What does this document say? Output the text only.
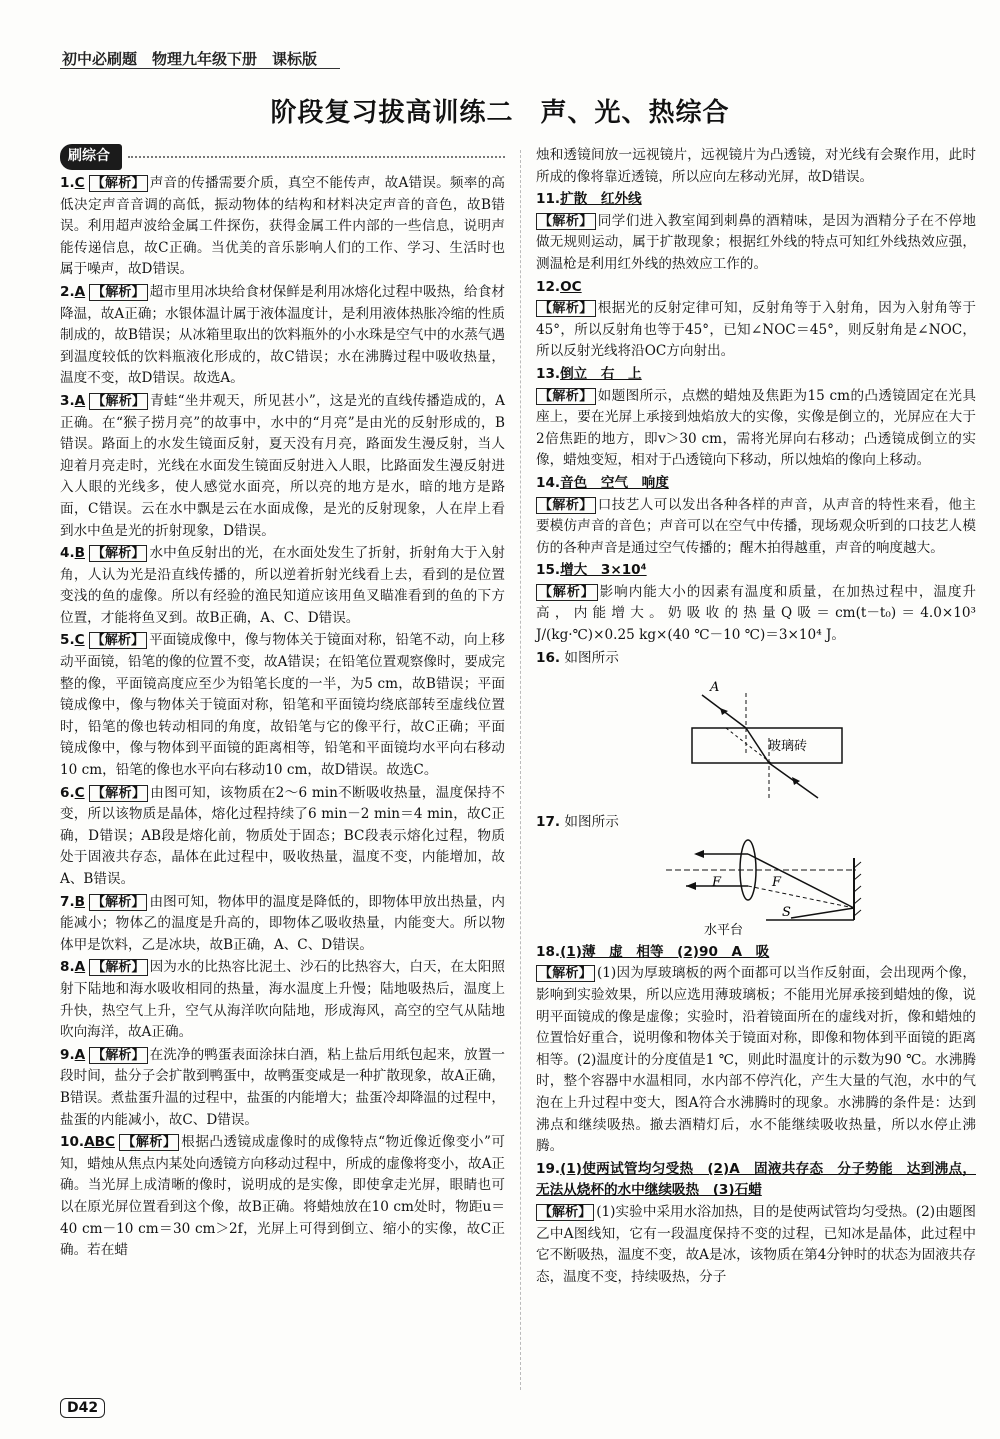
初中必刷题　物理九年级下册　课标版
阶段复习拔高训练二　声、光、热综合
刷综合
1.C 【解析】 声音的传播需要介质，真空不能传声，故A错误。频率的高低决定声音音调的高低，振动物体的结构和材料决定声音的音色，故B错误。利用超声波给金属工件探伤，获得金属工件内部的一些信息，说明声能传递信息，故C正确。当优美的音乐影响人们的工作、学习、生活时也属于噪声，故D错误。
2.A 【解析】 超市里用冰块给食材保鲜是利用冰熔化过程中吸热，给食材降温，故A正确；水银体温计属于液体温度计，是利用液体热胀冷缩的性质制成的，故B错误；从冰箱里取出的饮料瓶外的小水珠是空气中的水蒸气遇到温度较低的饮料瓶液化形成的，故C错误；水在沸腾过程中吸收热量，温度不变，故D错误。故选A。
3.A 【解析】 青蛙“坐井观天，所见甚小”，这是光的直线传播造成的，A正确。在“猴子捞月亮”的故事中，水中的“月亮”是由光的反射形成的，B错误。路面上的水发生镜面反射，夏天没有月亮，路面发生漫反射，当人迎着月亮走时，光线在水面发生镜面反射进入人眼，比路面发生漫反射进入人眼的光线多，使人感觉水面亮，所以亮的地方是水，暗的地方是路面，C错误。云在水中飘是云在水面成像，是光的反射现象，人在岸上看到水中鱼是光的折射现象，D错误。
4.B 【解析】 水中鱼反射出的光，在水面处发生了折射，折射角大于入射角，人认为光是沿直线传播的，所以逆着折射光线看上去，看到的是位置变浅的鱼的虚像。所以有经验的渔民知道应该用鱼叉瞄准看到的鱼的下方位置，才能将鱼叉到。故B正确，A、C、D错误。
5.C 【解析】 平面镜成像中，像与物体关于镜面对称，铅笔不动，向上移动平面镜，铅笔的像的位置不变，故A错误；在铅笔位置观察像时，要成完整的像，平面镜高度应至少为铅笔长度的一半，为5 cm，故B错误；平面镜成像中，像与物体关于镜面对称，铅笔和平面镜均绕底部转至虚线位置时，铅笔的像也转动相同的角度，故铅笔与它的像平行，故C正确；平面镜成像中，像与物体到平面镜的距离相等，铅笔和平面镜均水平向右移动10 cm，铅笔的像也水平向右移动10 cm，故D错误。故选C。
6.C 【解析】 由图可知，该物质在2～6 min不断吸收热量，温度保持不变，所以该物质是晶体，熔化过程持续了6 min－2 min＝4 min，故C正确，D错误；AB段是熔化前，物质处于固态；BC段表示熔化过程，物质处于固液共存态，晶体在此过程中，吸收热量，温度不变，内能增加，故A、B错误。
7.B 【解析】 由图可知，物体甲的温度是降低的，即物体甲放出热量，内能减小；物体乙的温度是升高的，即物体乙吸收热量，内能变大。所以物体甲是饮料，乙是冰块，故B正确，A、C、D错误。
8.A 【解析】 因为水的比热容比泥土、沙石的比热容大，白天，在太阳照射下陆地和海水吸收相同的热量，海水温度上升慢；陆地吸热后，温度上升快，热空气上升，空气从海洋吹向陆地，形成海风，高空的空气从陆地吹向海洋，故A正确。
9.A 【解析】 在洗净的鸭蛋表面涂抹白酒，粘上盐后用纸包起来，放置一段时间，盐分子会扩散到鸭蛋中，故鸭蛋变咸是一种扩散现象，故A正确，B错误。煮盐蛋升温的过程中，盐蛋的内能增大；盐蛋冷却降温的过程中，盐蛋的内能减小，故C、D错误。
10.ABC 【解析】 根据凸透镜成虚像时的成像特点“物近像近像变小”可知，蜡烛从焦点内某处向透镜方向移动过程中，所成的虚像将变小，故A正确。当光屏上成清晰的像时，说明成的是实像，即使拿走光屏，眼睛也可以在原光屏位置看到这个像，故B正确。将蜡烛放在10 cm处时，物距u＝40 cm－10 cm＝30 cm＞2f，光屏上可得到倒立、缩小的实像，故C正确。若在蜡
烛和透镜间放一远视镜片，远视镜片为凸透镜，对光线有会聚作用，此时所成的像将靠近透镜，所以应向左移动光屏，故D错误。
11.扩散　红外线
【解析】 同学们进入教室闻到刺鼻的酒精味，是因为酒精分子在不停地做无规则运动，属于扩散现象；根据红外线的特点可知红外线热效应强，测温枪是利用红外线的热效应工作的。
12.OC
【解析】 根据光的反射定律可知，反射角等于入射角，因为入射角等于45°，所以反射角也等于45°，已知∠NOC＝45°，则反射角是∠NOC，所以反射光线将沿OC方向射出。
13.倒立　右　上
【解析】 如题图所示，点燃的蜡烛及焦距为15 cm的凸透镜固定在光具座上，要在光屏上承接到烛焰放大的实像，实像是倒立的，光屏应在大于2倍焦距的地方，即v＞30 cm，需将光屏向右移动；凸透镜成倒立的实像，蜡烛变短，相对于凸透镜向下移动，所以烛焰的像向上移动。
14.音色　空气　响度
【解析】 口技艺人可以发出各种各样的声音，从声音的特性来看，他主要模仿声音的音色；声音可以在空气中传播，现场观众听到的口技艺人模仿的各种声音是通过空气传播的；醒木拍得越重，声音的响度越大。
15.增大　3×10⁴
【解析】 影响内能大小的因素有温度和质量，在加热过程中，温度升高，内能增大。奶吸收的热量Q吸＝cm(t－t₀)＝4.0×10³ J/(kg·℃)×0.25 kg×(40 ℃－10 ℃)＝3×10⁴ J。
16. 如图所示
A
玻璃砖
17. 如图所示
F	F
S
水平台
18.(1)薄　虚　相等　(2)90　A　吸
【解析】 (1)因为厚玻璃板的两个面都可以当作反射面，会出现两个像，影响到实验效果，所以应选用薄玻璃板；不能用光屏承接到蜡烛的像，说明平面镜成的像是虚像；实验时，沿着镜面所在的虚线对折，像和蜡烛的位置恰好重合，说明像和物体关于镜面对称，即像和物体到平面镜的距离相等。(2)温度计的分度值是1 ℃，则此时温度计的示数为90 ℃。水沸腾时，整个容器中水温相同，水内部不停汽化，产生大量的气泡，水中的气泡在上升过程中变大，图A符合水沸腾时的现象。水沸腾的条件是：达到沸点和继续吸热。撤去酒精灯后，水不能继续吸收热量，所以水停止沸腾。
19.(1)使两试管均匀受热　(2)A　固液共存态　分子势能　达到沸点，无法从烧杯的水中继续吸热　(3)石蜡
【解析】 (1)实验中采用水浴加热，目的是使两试管均匀受热。(2)由题图乙中A图线知，它有一段温度保持不变的过程，已知冰是晶体，此过程中它不断吸热，温度不变，故A是冰，该物质在第4分钟时的状态为固液共存态，温度不变，持续吸热，分子
D42
